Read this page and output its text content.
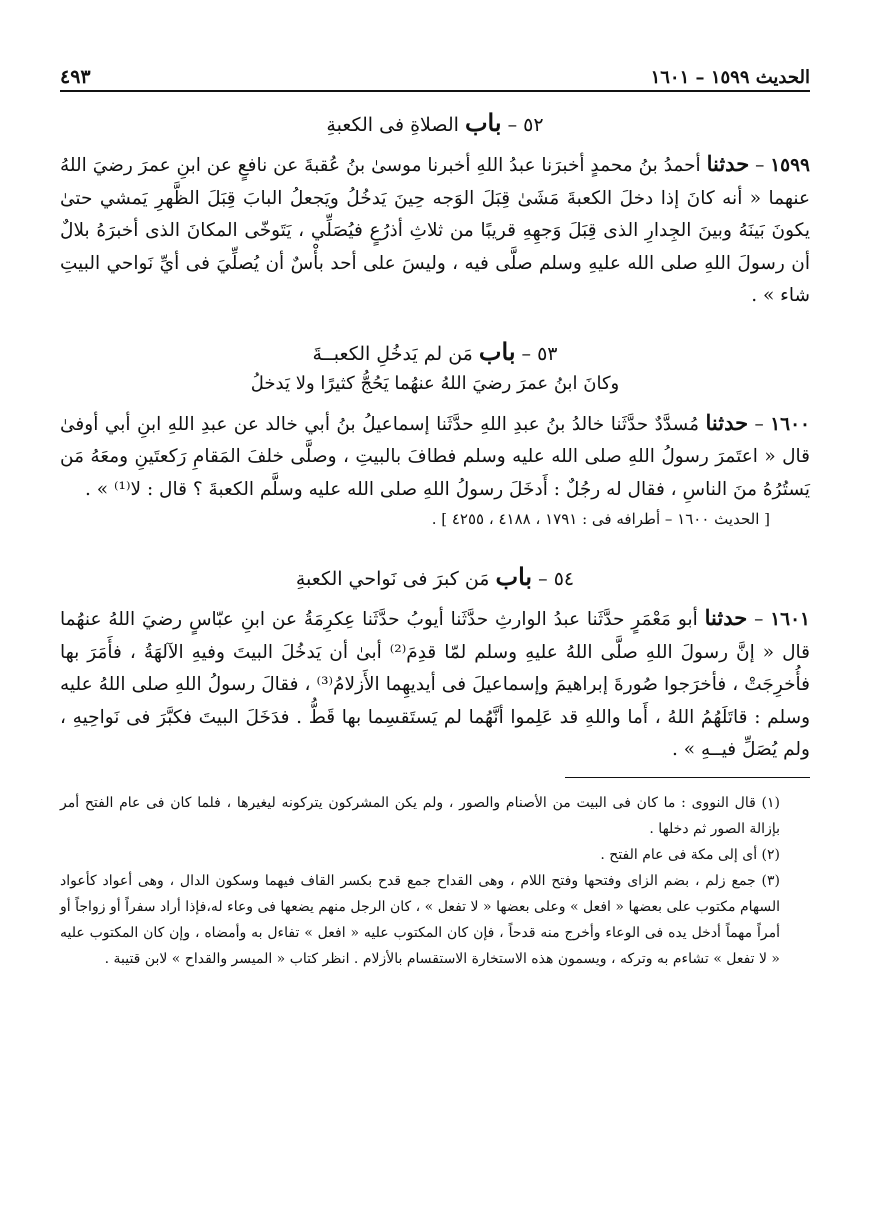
الحديث ١٥٩٩ – ١٦٠١
٤٩٣
٥٢ – باب الصلاةِ فى الكعبةِ

١٥٩٩ – حدثنا أحمدُ بنُ محمدٍ أخبرَنا عبدُ اللهِ أخبرنا موسىٰ بنُ عُقبةَ عن نافعٍ عن ابنِ عمرَ رضيَ اللهُ عنهما « أنه كانَ إذا دخلَ الكعبةَ مَشَىٰ قِبَلَ الوَجه حِينَ يَدخُلُ ويَجعلُ البابَ قِبَلَ الظَّهرِ يَمشي حتىٰ يكونَ بَينَهُ وبينَ الجِدارِ الذى قِبَلَ وَجهِهِ قريبًا من ثلاثِ أذرُعٍ فيُصَلِّي ، يَتَوخّى المكانَ الذى أخبرَهُ بلالٌ أن رسولَ اللهِ صلى الله عليهِ وسلم صلَّى فيه ، وليسَ على أحد بأْسٌ أن يُصلِّيَ فى أيِّ نَواحي البيتِ شاء » .

٥٣ – باب مَن لم يَدخُلِ الكعبــةَ
وكانَ ابنُ عمرَ رضيَ اللهُ عنهُما يَحُجُّ كثيرًا ولا يَدخلُ

١٦٠٠ – حدثنا مُسدَّدٌ حدَّثَنا خالدُ بنُ عبدِ اللهِ حدَّثَنا إسماعيلُ بنُ أبي خالد عن عبدِ اللهِ ابنِ أبي أوفىٰ قال « اعتَمرَ رسولُ اللهِ صلى الله عليه وسلم فطافَ بالبيتِ ، وصلَّى خلفَ المَقامِ رَكعتَينِ ومعَهُ مَن يَستُرُهُ منَ الناسِ ، فقال له رجُلٌ : أَدخَلَ رسولُ اللهِ صلى الله عليه وسلَّم الكعبةَ ؟ قال : لا⁽¹⁾ » .

[ الحديث ١٦٠٠ – أطرافه فى : ١٧٩١ ، ٤١٨٨ ، ٤٢٥٥ ] .
٥٤ – باب مَن كبرَ فى نَواحي الكعبةِ

١٦٠١ – حدثنا أبو مَعْمَرٍ حدَّثَنا عبدُ الوارثِ حدَّثَنا أيوبُ حدَّثَنا عِكرِمَةُ عن ابنِ عبّاسٍ رضيَ اللهُ عنهُما قال « إنَّ رسولَ اللهِ صلَّى اللهُ عليهِ وسلم لمّا قدِمَ⁽²⁾ أبىٰ أن يَدخُلَ البيتَ وفيهِ الآلهَةُ ، فأَمَرَ بها فأُخرِجَتْ ، فأخرَجوا صُورةَ إبراهيمَ وإسماعيلَ فى أيديهِما الأَزلامُ⁽³⁾ ، فقالَ رسولُ اللهِ صلى اللهُ عليه وسلم : قاتَلَهُمُ اللهُ ، أَما واللهِ قد عَلِموا أنَّهُما لم يَستَقسِما بها قَطُّ . فدَخَلَ البيتَ فكبَّرَ فى نَواحِيهِ ، ولم يُصَلِّ فيــهِ » .

(١) قال النووى : ما كان فى البيت من الأصنام والصور ، ولم يكن المشركون يتركونه ليغيرها ، فلما كان فى عام الفتح أمر بإزالة الصور ثم دخلها .

(٢) أى إلى مكة فى عام الفتح .

(٣) جمع زلم ، بضم الزاى وفتحها وفتح اللام ، وهى القداح جمع قدح بكسر القاف فيهما وسكون الدال ، وهى أعواد كأعواد السهام مكتوب على بعضها « افعل » وعلى بعضها « لا تفعل » ، كان الرجل منهم يضعها فى وعاء له،فإذا أراد سفراً أو زواجاً أو أمراً مهماً أدخل يده فى الوعاء وأخرج منه قدحاً ، فإن كان المكتوب عليه « افعل » تفاءل به وأمضاه ، وإن كان المكتوب عليه « لا تفعل » تشاءم به وتركه ، ويسمون هذه الاستخارة الاستقسام بالأزلام . انظر كتاب « الميسر والقداح » لابن قتيبة .
